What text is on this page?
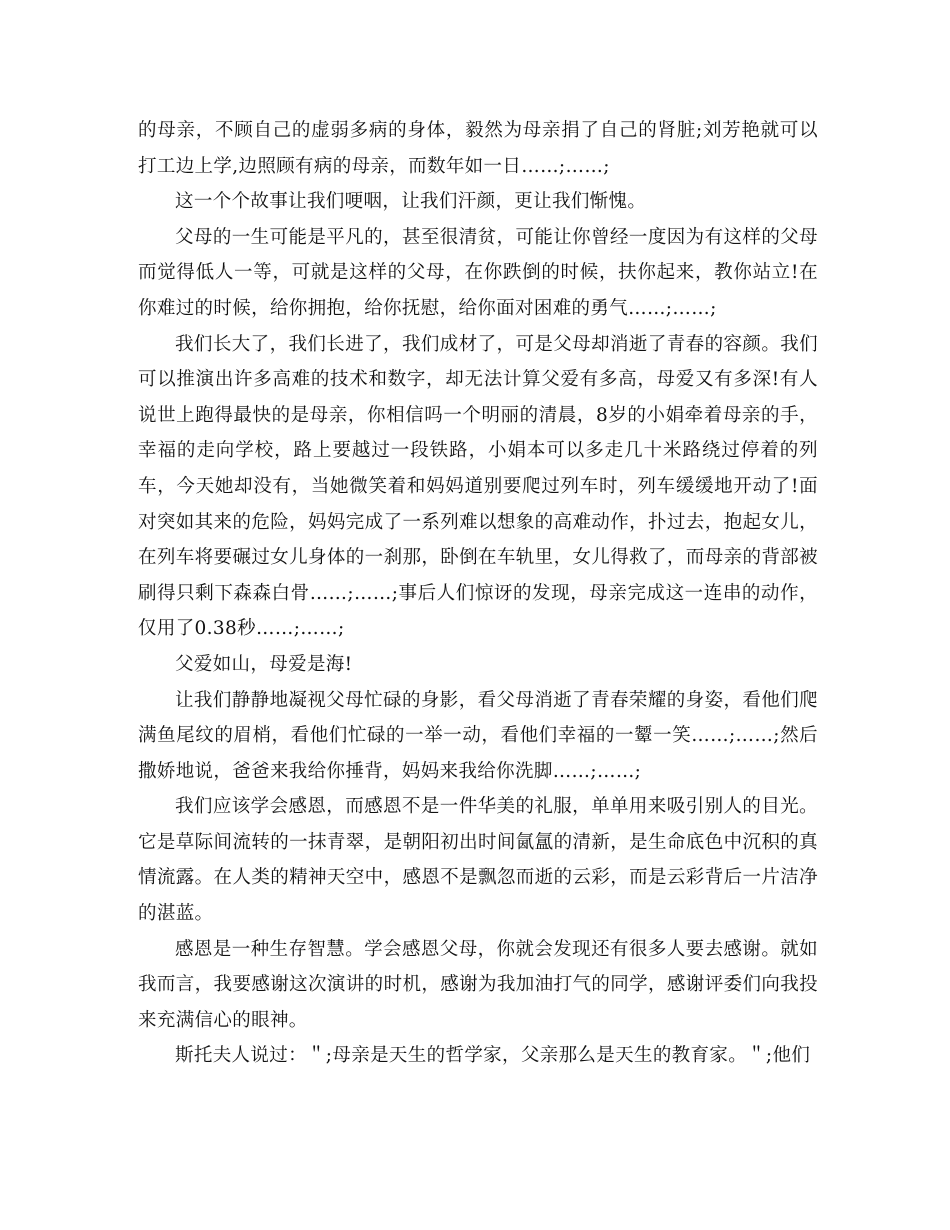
的母亲，不顾自己的虚弱多病的身体，毅然为母亲捐了自己的肾脏;刘芳艳就可以打工边上学,边照顾有病的母亲，而数年如一日……;……;

这一个个故事让我们哽咽，让我们汗颜，更让我们惭愧。

父母的一生可能是平凡的，甚至很清贫，可能让你曾经一度因为有这样的父母而觉得低人一等，可就是这样的父母，在你跌倒的时候，扶你起来，教你站立!在你难过的时候，给你拥抱，给你抚慰，给你面对困难的勇气……;……;

我们长大了，我们长进了，我们成材了，可是父母却消逝了青春的容颜。我们可以推演出许多高难的技术和数字，却无法计算父爱有多高，母爱又有多深!有人说世上跑得最快的是母亲，你相信吗一个明丽的清晨，8岁的小娟牵着母亲的手，幸福的走向学校，路上要越过一段铁路，小娟本可以多走几十米路绕过停着的列车，今天她却没有，当她微笑着和妈妈道别要爬过列车时，列车缓缓地开动了!面对突如其来的危险，妈妈完成了一系列难以想象的高难动作，扑过去，抱起女儿，在列车将要碾过女儿身体的一刹那，卧倒在车轨里，女儿得救了，而母亲的背部被刷得只剩下森森白骨……;……;事后人们惊讶的发现，母亲完成这一连串的动作，仅用了0.38秒……;……;

父爱如山，母爱是海!

让我们静静地凝视父母忙碌的身影，看父母消逝了青春荣耀的身姿，看他们爬满鱼尾纹的眉梢，看他们忙碌的一举一动，看他们幸福的一颦一笑……;……;然后撒娇地说，爸爸来我给你捶背，妈妈来我给你洗脚……;……;

我们应该学会感恩，而感恩不是一件华美的礼服，单单用来吸引别人的目光。它是草际间流转的一抹青翠，是朝阳初出时间氤氲的清新，是生命底色中沉积的真情流露。在人类的精神天空中，感恩不是飘忽而逝的云彩，而是云彩背后一片洁净的湛蓝。

感恩是一种生存智慧。学会感恩父母，你就会发现还有很多人要去感谢。就如我而言，我要感谢这次演讲的时机，感谢为我加油打气的同学，感谢评委们向我投来充满信心的眼神。

斯托夫人说过：＂;母亲是天生的哲学家，父亲那么是天生的教育家。＂;他们
